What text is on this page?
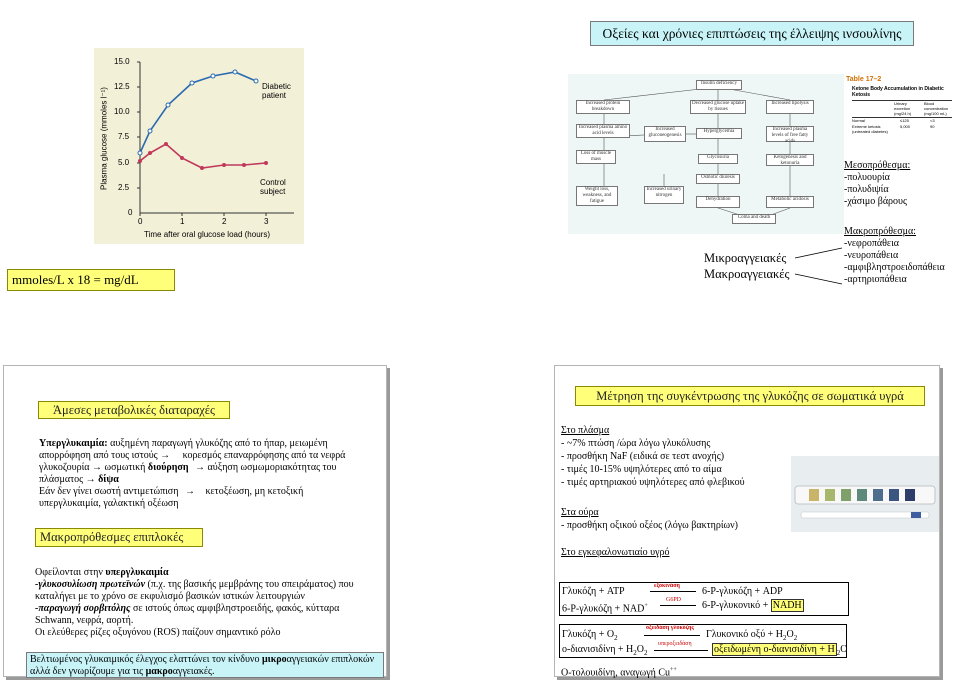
Οξείες και χρόνιες επιπτώσεις της έλλειψης ινσουλίνης
15.0
12.5
10.0
7.5
5.0
2.5
0
0	1	2	3
Time after oral glucose load (hours)
Plasma glucose (mmoles l⁻¹)
Diabetic patient
Control subject
mmoles/L x 18 = mg/dL
Insulin deficiency
Increased protein breakdown
Decreased glucose uptake by tissues
Increased lipolysis
Increased plasma amino acid levels
Increased gluconeogenesis
Hyperglycemia	Increased plasma levels of free fatty acids
Loss of muscle mass	Glycosuria	Ketogenesis and ketonuria
Osmotic diuresis
Weight loss, weakness, and fatigue
Increased urinary nitrogen
Dehydration	Metabolic acidosis
Coma and death
Table 17–2
Ketone Body Accumulation in Diabetic Ketosis
Urinary excretion (mg/24 h)
Blood concentration (mg/100 mL)
Normal	≤125	<3
Extreme ketosis (untreated diabetes)
5,000	90
Μικροαγγειακές
Μακροαγγειακές
Μεσοπρόθεσμα:
-πολυουρία
-πολυδιψία
-χάσιμο βάρους
Μακροπρόθεσμα:
-νεφροπάθεια
-νευροπάθεια
-αμφιβληστροειδοπάθεια
-αρτηριοπάθεια
Άμεσες μεταβολικές διαταραχές
Υπεργλυκαιμία: αυξημένη παραγωγή γλυκόζης από το ήπαρ, μειωμένη
απορρόφηση από τους ιστούς → κορεσμός επαναρρόφησης από τα νεφρά
γλυκοζουρία → ωσμωτική διούρηση → αύξηση ωσμωμοριακότητας του
πλάσματος → δίψα
Εάν δεν γίνει σωστή αντιμετώπιση → κετοξέωση, μη κετοξική
υπεργλυκαιμία, γαλακτική οξέωση
Μακροπρόθεσμες επιπλοκές
Οφείλονται στην υπεργλυκαιμία
-γλυκοσυλίωση πρωτεϊνών (π.χ. της βασικής μεμβράνης του σπειράματος) που
καταλήγει με το χρόνο σε εκφυλισμό βασικών ιστικών λειτουργιών
-παραγωγή σορβιτόλης σε ιστούς όπως αμφιβληστροειδής, φακός, κύτταρα
Schwann, νεφρά, αορτή.
Οι ελεύθερες ρίζες οξυγόνου (ROS) παίζουν σημαντικό ρόλο
Βελτιωμένος γλυκαιμικός έλεγχος ελαττώνει τον κίνδυνο μικροαγγειακών επιπλοκών
αλλά δεν γνωρίζουμε για τις μακροαγγειακές.
Μέτρηση της συγκέντρωσης της γλυκόζης σε σωματικά υγρά
Στο πλάσμα
- ~7% πτώση /ώρα λόγω γλυκόλυσης
- προσθήκη NaF (ειδικά σε τεστ ανοχής)
- τιμές 10-15% υψηλότερες από το αίμα
- τιμές αρτηριακού υψηλότερες από φλεβικού
Στα ούρα
- προσθήκη οξικού οξέος (λόγω βακτηρίων)
Στο εγκεφαλονωτιαίο υγρό
Γλυκόζη + ATP	εξοκινάση 6-Ρ-γλυκόζη + ADP
6-Ρ-γλυκόζη + NAD+
G6PD 6-Ρ-γλυκονικό + NADH
$\Gamma\lambda\upsilon\kappa ό\zeta\eta + O_2$
οξειδάση γλυκόζης
Γλυκονικό $o\xi ύ + H_2O_2$
$o-\delta\iota\alpha\nu\iota\sigma\iota\delta ί\nu\eta + H_2O_2$
υπεροξειδάση οξειδωμένη ο-διανισιδίνη + Η $_2$O
Ο-τολουιδίνη, αναγωγή Cu++
